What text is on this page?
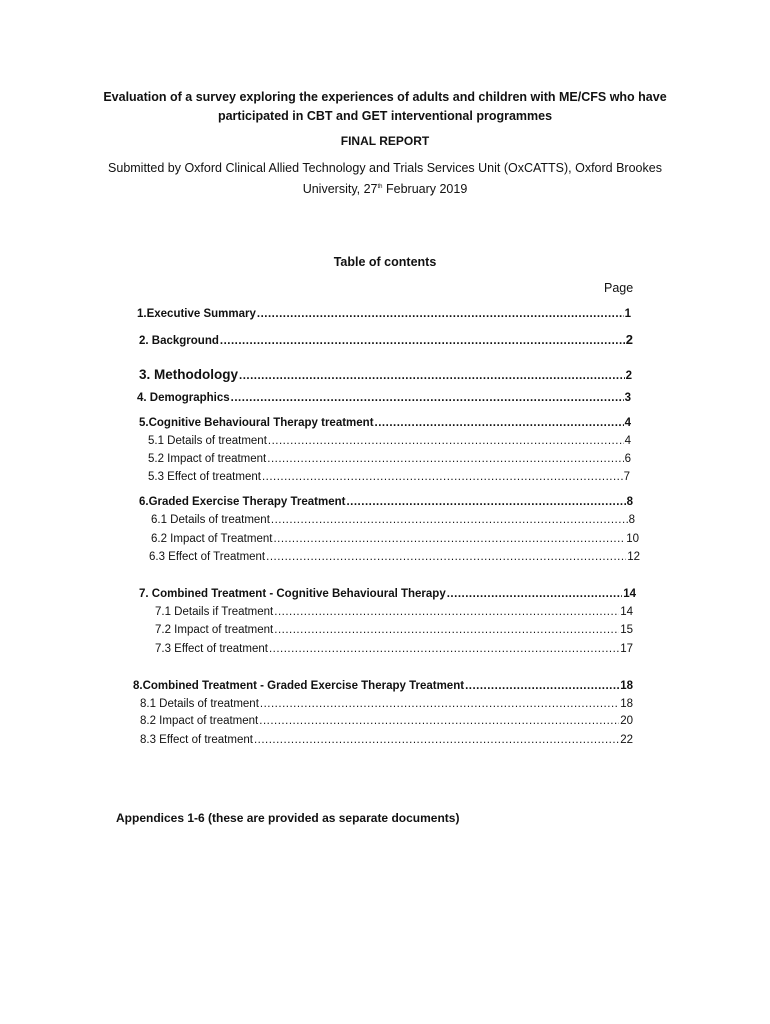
Evaluation of a survey exploring the experiences of adults and children with ME/CFS who have
participated in CBT and GET interventional programmes
FINAL REPORT
Submitted by Oxford Clinical Allied Technology and Trials Services Unit (OxCATTS), Oxford Brookes
University, 27th February 2019
Table of contents
Page
1.Executive Summary .....	1
2. Background .....	2
3. Methodology .....	2
4. Demographics .....	3
5.Cognitive Behavioural Therapy treatment .....	4
5.1 Details of treatment .....	4
5.2 Impact of treatment .....	6
5.3 Effect of treatment .....	7
6.Graded Exercise Therapy Treatment .....	8
6.1 Details of treatment .....	8
6.2 Impact of Treatment .....	10
6.3 Effect of Treatment .....	12
7. Combined Treatment - Cognitive Behavioural Therapy .....	14
7.1 Details if Treatment .....	14
7.2 Impact of treatment .....	15
7.3 Effect of treatment .....	17
8.Combined Treatment - Graded Exercise Therapy Treatment .....	18
8.1 Details of treatment .....	18
8.2 Impact of treatment .....	20
8.3 Effect of treatment .....	22
Appendices 1-6 (these are provided as separate documents)
